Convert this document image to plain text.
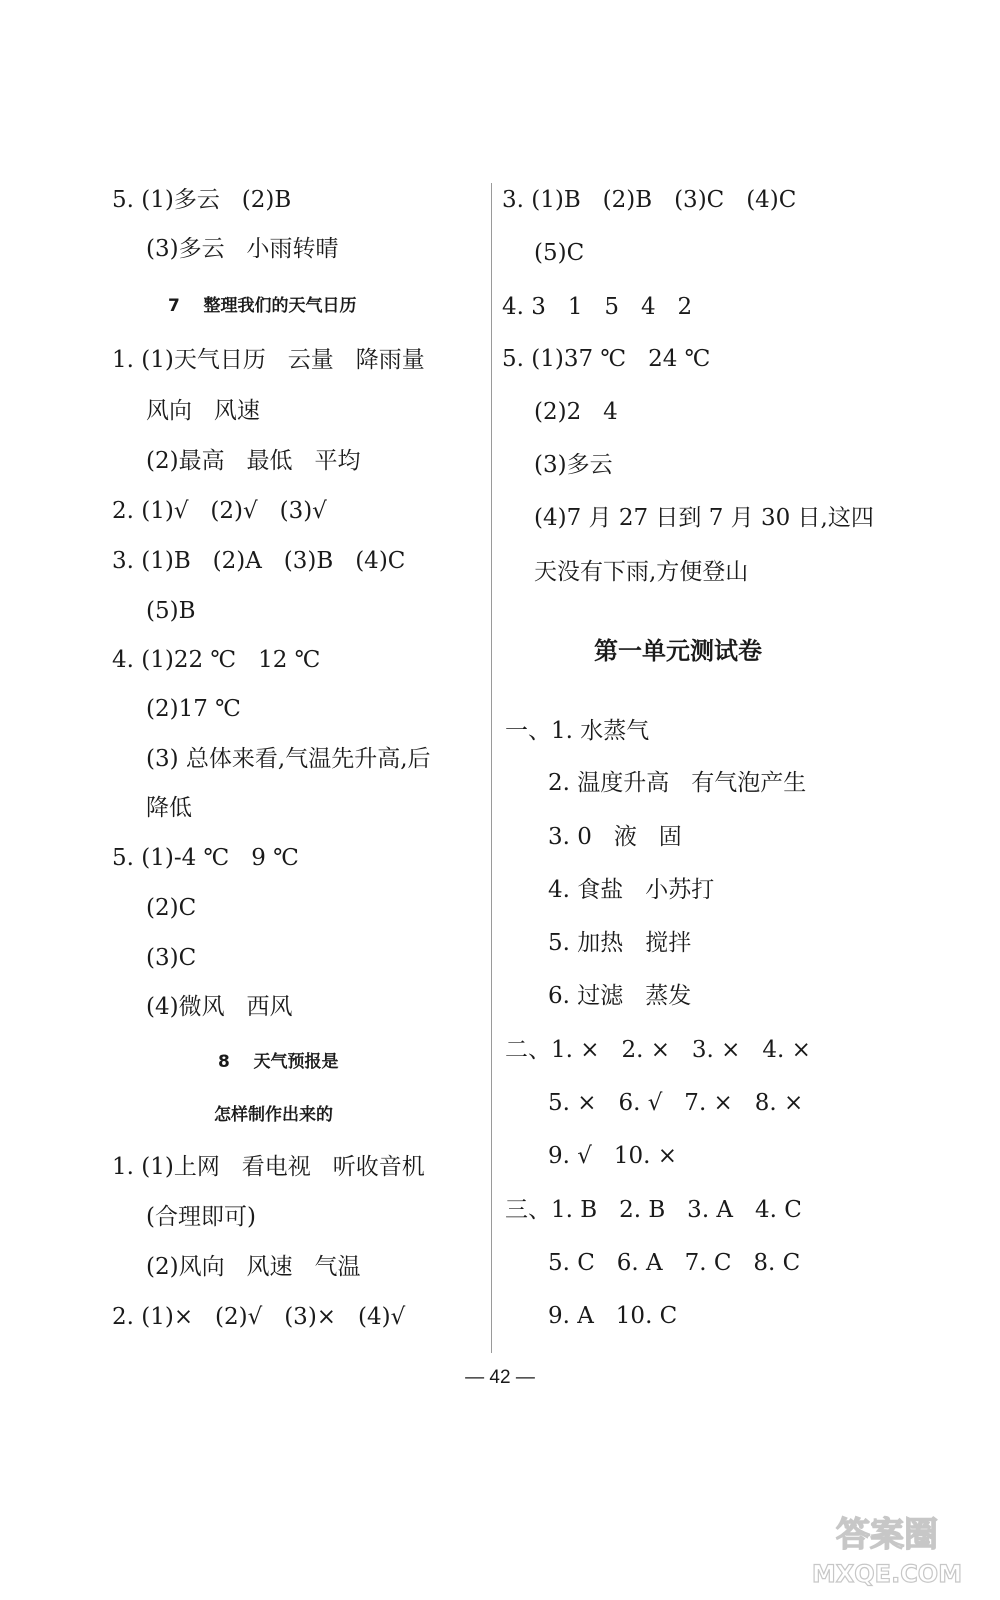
5. (1)多云   (2)B
(3)多云   小雨转晴
7    整理我们的天气日历
1. (1)天气日历   云量   降雨量
风向   风速
(2)最高   最低   平均
2. (1)√   (2)√   (3)√
3. (1)B   (2)A   (3)B   (4)C
(5)B
4. (1)22 ℃   12 ℃
(2)17 ℃
(3) 总体来看,气温先升高,后
降低
5. (1)-4 ℃   9 ℃
(2)C
(3)C
(4)微风   西风
8    天气预报是
怎样制作出来的
1. (1)上网   看电视   听收音机
(合理即可)
(2)风向   风速   气温
2. (1)×   (2)√   (3)×   (4)√
3. (1)B   (2)B   (3)C   (4)C
(5)C
4. 3   1   5   4   2
5. (1)37 ℃   24 ℃
(2)2   4
(3)多云
(4)7 月 27 日到 7 月 30 日,这四
天没有下雨,方便登山
第一单元测试卷
一、1. 水蒸气
2. 温度升高   有气泡产生
3. 0   液   固
4. 食盐   小苏打
5. 加热   搅拌
6. 过滤   蒸发
二、1. ×   2. ×   3. ×   4. ×
5. ×   6. √   7. ×   8. ×
9. √   10. ×
三、1. B   2. B   3. A   4. C
5. C   6. A   7. C   8. C
9. A   10. C
— 42 —
答案圈
MXQE.COM
